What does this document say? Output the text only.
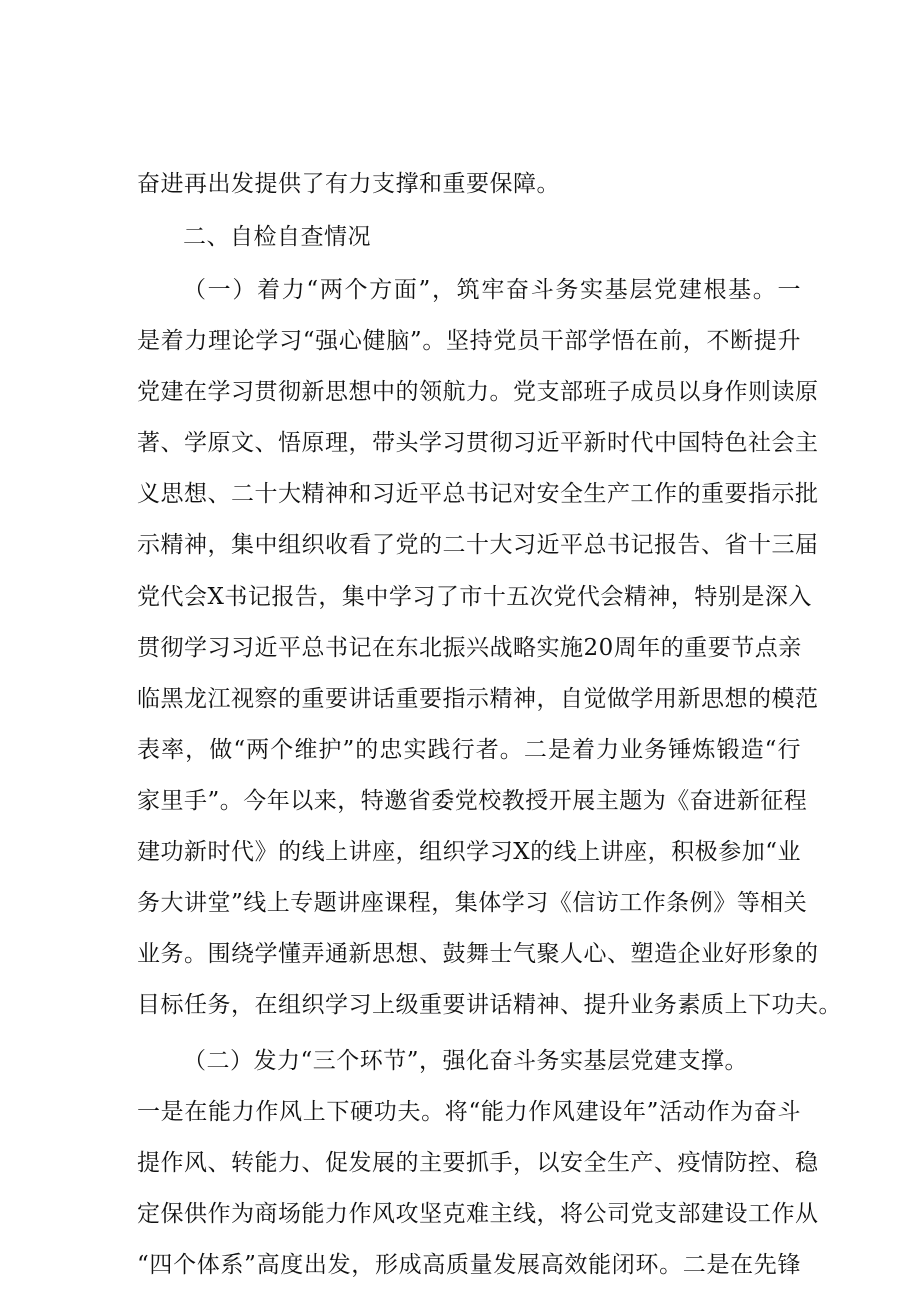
奋进再出发提供了有力支撑和重要保障。
二、自检自查情况
（一）着力“两个方面”，筑牢奋斗务实基层党建根基。一
是着力理论学习“强心健脑”。坚持党员干部学悟在前，不断提升
党建在学习贯彻新思想中的领航力。党支部班子成员以身作则读原
著、学原文、悟原理，带头学习贯彻习近平新时代中国特色社会主
义思想、二十大精神和习近平总书记对安全生产工作的重要指示批
示精神，集中组织收看了党的二十大习近平总书记报告、省十三届
党代会X书记报告，集中学习了市十五次党代会精神，特别是深入
贯彻学习习近平总书记在东北振兴战略实施20周年的重要节点亲
临黑龙江视察的重要讲话重要指示精神，自觉做学用新思想的模范
表率，做“两个维护”的忠实践行者。二是着力业务锤炼锻造“行
家里手”。今年以来，特邀省委党校教授开展主题为《奋进新征程
建功新时代》的线上讲座，组织学习X的线上讲座，积极参加“业
务大讲堂”线上专题讲座课程，集体学习《信访工作条例》等相关
业务。围绕学懂弄通新思想、鼓舞士气聚人心、塑造企业好形象的
目标任务，在组织学习上级重要讲话精神、提升业务素质上下功夫。
（二）发力“三个环节”，强化奋斗务实基层党建支撑。
一是在能力作风上下硬功夫。将“能力作风建设年”活动作为奋斗
提作风、转能力、促发展的主要抓手，以安全生产、疫情防控、稳
定保供作为商场能力作风攻坚克难主线，将公司党支部建设工作从
“四个体系”高度出发，形成高质量发展高效能闭环。二是在先锋
